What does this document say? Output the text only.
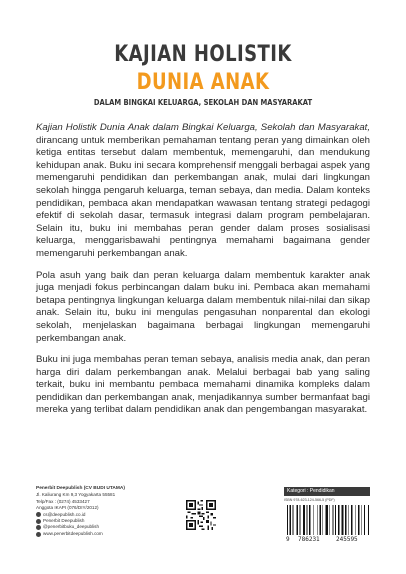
KAJIAN HOLISTIK
DUNIA ANAK
DALAM BINGKAI KELUARGA, SEKOLAH DAN MASYARAKAT

Kajian Holistik Dunia Anak dalam Bingkai Keluarga, Sekolah dan Masyarakat, dirancang untuk memberikan pemahaman tentang peran yang dimainkan oleh ketiga entitas tersebut dalam membentuk, memengaruhi, dan mendukung kehidupan anak. Buku ini secara komprehensif menggali berbagai aspek yang memengaruhi pendidikan dan perkembangan anak, mulai dari lingkungan sekolah hingga pengaruh keluarga, teman sebaya, dan media. Dalam konteks pendidikan, pembaca akan mendapatkan wawasan tentang strategi pedagogi efektif di sekolah dasar, termasuk integrasi dalam program pembelajaran. Selain itu, buku ini membahas peran gender dalam proses sosialisasi keluarga, menggarisbawahi pentingnya memahami bagaimana gender memengaruhi perkembangan anak.

Pola asuh yang baik dan peran keluarga dalam membentuk karakter anak juga menjadi fokus perbincangan dalam buku ini. Pembaca akan memahami betapa pentingnya lingkungan keluarga dalam membentuk nilai-nilai dan sikap anak. Selain itu, buku ini mengulas pengasuhan nonparental dan ekologi sekolah, menjelaskan bagaimana berbagai lingkungan memengaruhi perkembangan anak.

Buku ini juga membahas peran teman sebaya, analisis media anak, dan peran harga diri dalam perkembangan anak. Melalui berbagai bab yang saling terkait, buku ini membantu pembaca memahami dinamika kompleks dalam pendidikan dan perkembangan anak, menjadikannya sumber bermanfaat bagi mereka yang terlibat dalam pendidikan anak dan pengembangan masyarakat.

Penerbit Deepublish (CV BUDI UTAMA)
Jl. Kaliurang Km 9,3 Yogyakarta 55581
Telp/Fax : (0274) 4533427
Anggota IKAPI (076/DIY/2012)
cs@deepublish.co.id
Penerbit Deepublish
@penerbitbuku_deepublish
www.penerbitdeepublish.com
Kategori : Pendidikan
ISBN 978-623-124-566-5 (PDF)
9 786231	245595
